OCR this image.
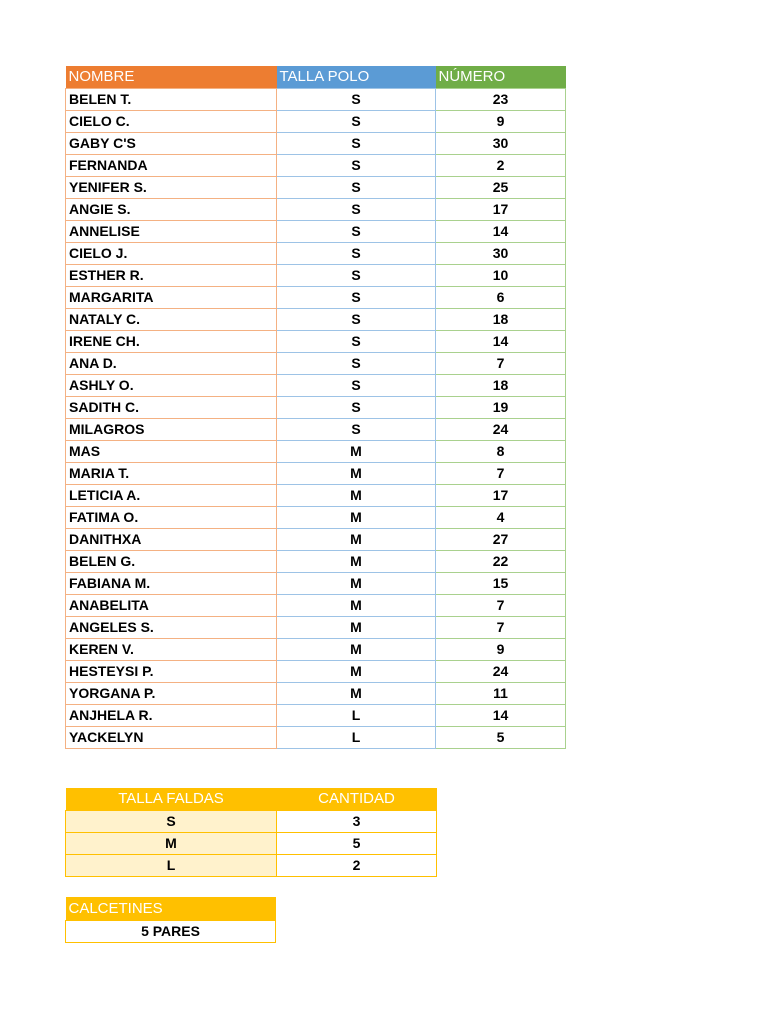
NOMBRE	TALLA POLO	NÚMERO
BELEN T.	S	23
CIELO C.	S	9
GABY C'S	S	30
FERNANDA	S	2
YENIFER S.	S	25
ANGIE S.	S	17
ANNELISE	S	14
CIELO J.	S	30
ESTHER R.	S	10
MARGARITA	S	6
NATALY C.	S	18
IRENE CH.	S	14
ANA D.	S	7
ASHLY O.	S	18
SADITH C.	S	19
MILAGROS	S	24
MAS	M	8
MARIA T.	M	7
LETICIA A.	M	17
FATIMA O.	M	4
DANITHXA	M	27
BELEN G.	M	22
FABIANA M.	M	15
ANABELITA	M	7
ANGELES S.	M	7
KEREN V.	M	9
HESTEYSI P.	M	24
YORGANA P.	M	11
ANJHELA R.	L	14
YACKELYN	L	5
TALLA FALDAS	CANTIDAD
S	3
M	5
L	2
CALCETINES
5 PARES
